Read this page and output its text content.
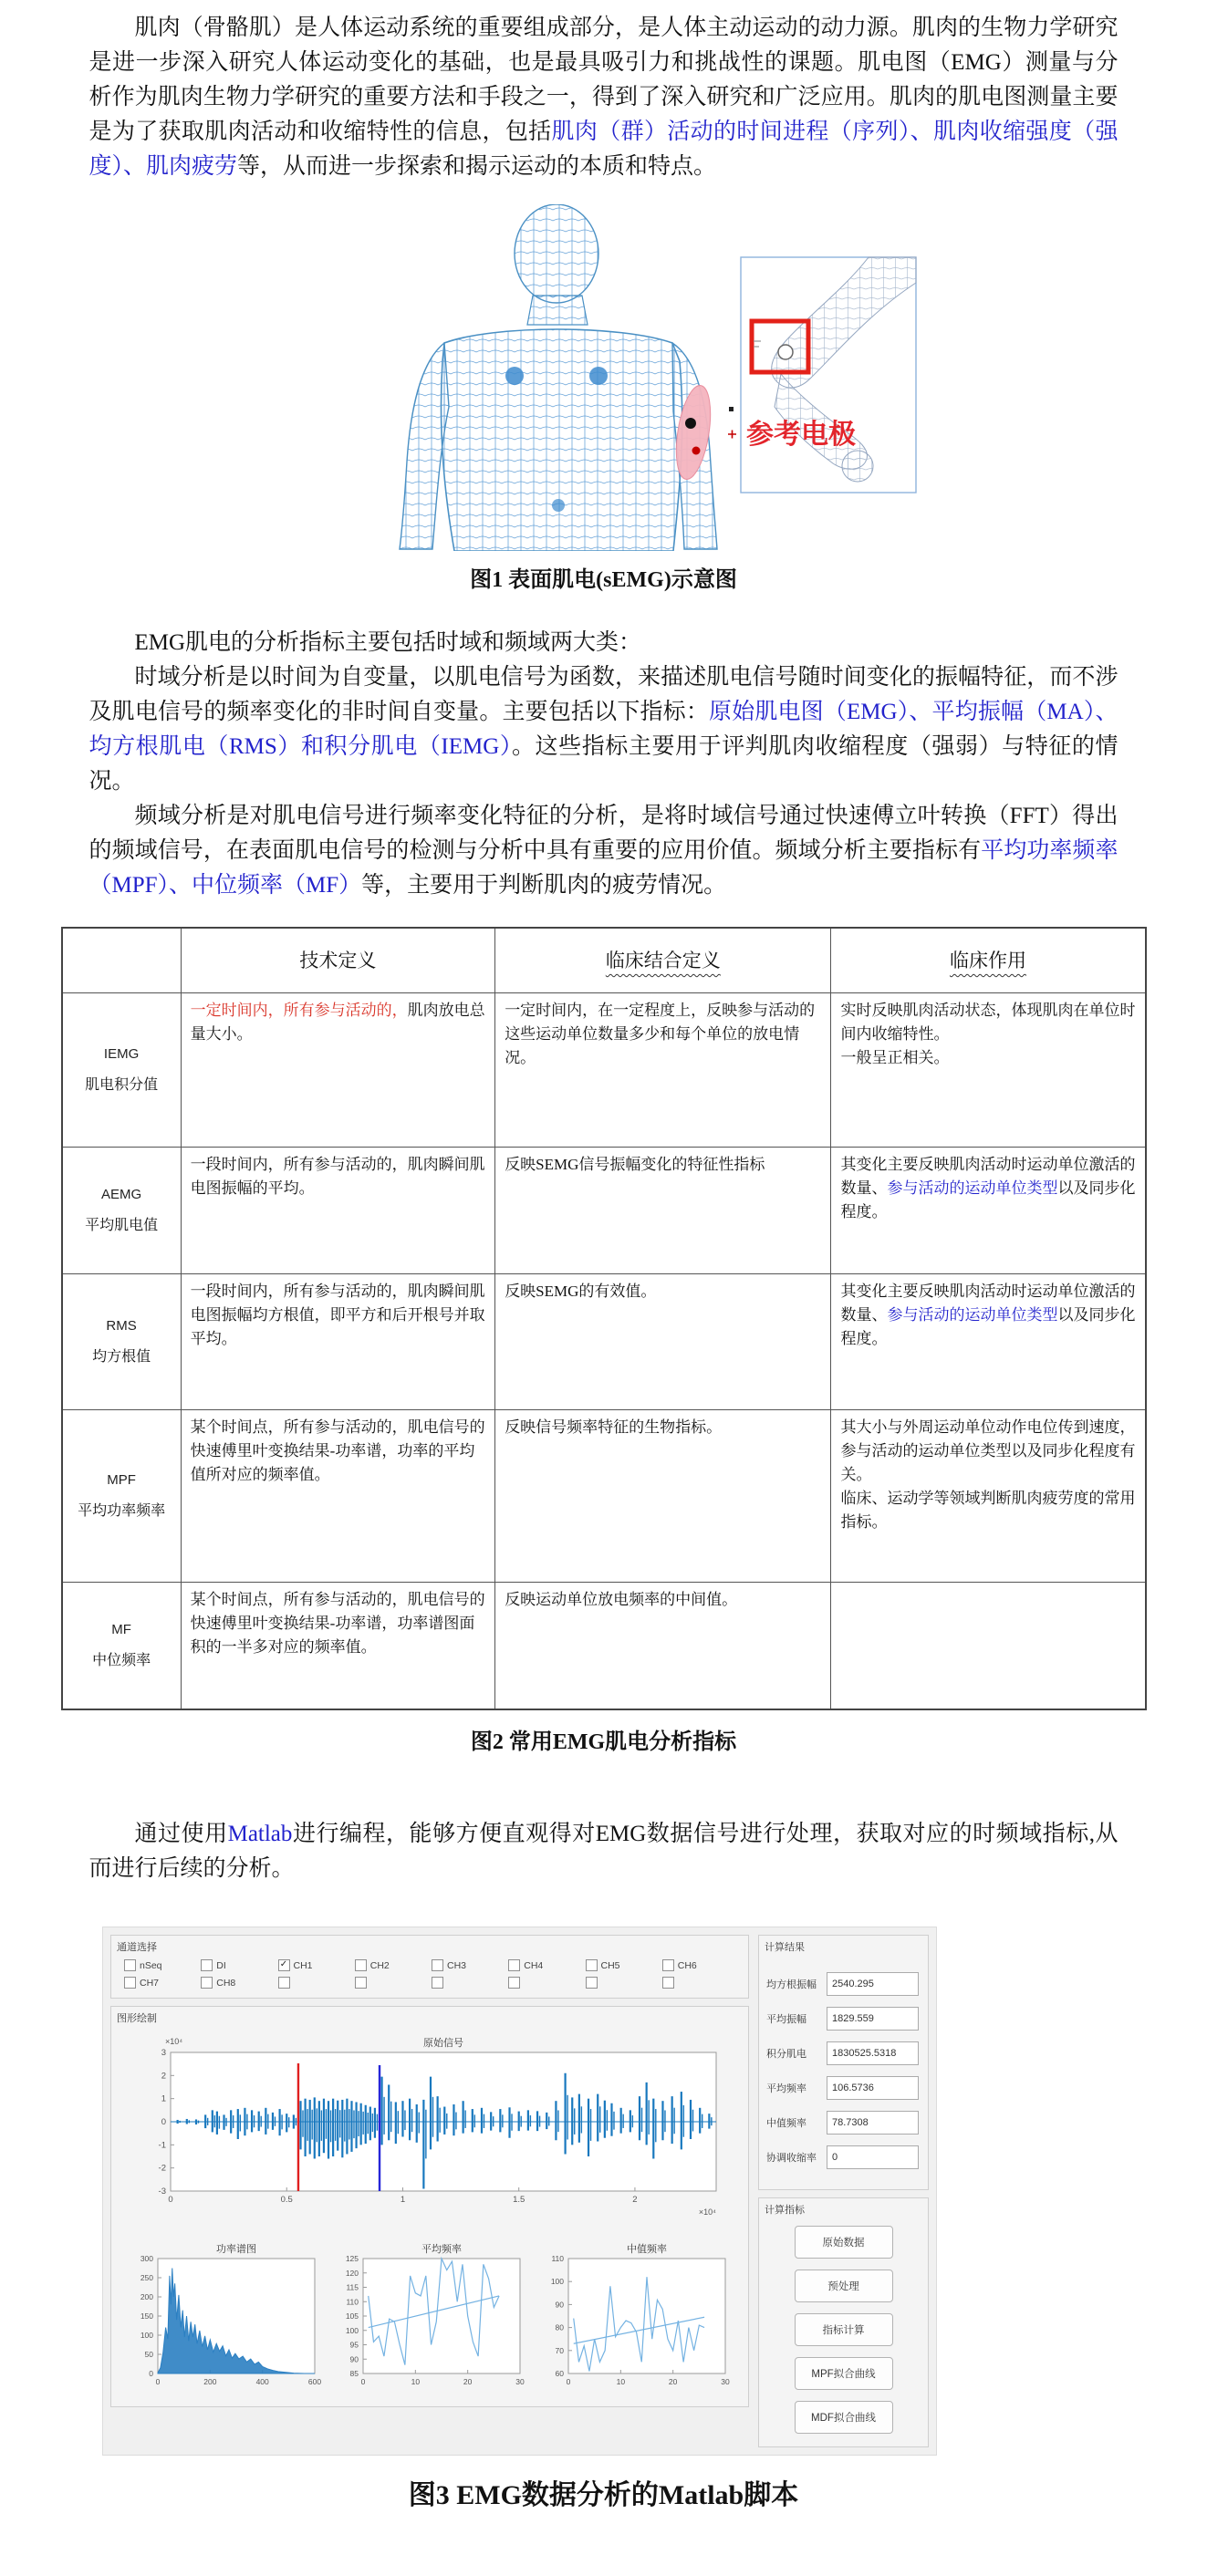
肌肉（骨骼肌）是人体运动系统的重要组成部分，是人体主动运动的动力源。肌肉的生物力学研究是进一步深入研究人体运动变化的基础，也是最具吸引力和挑战性的课题。肌电图（EMG）测量与分析作为肌肉生物力学研究的重要方法和手段之一，得到了深入研究和广泛应用。肌肉的肌电图测量主要是为了获取肌肉活动和收缩特性的信息，包括肌肉（群）活动的时间进程（序列）、肌肉收缩强度（强度）、肌肉疲劳等，从而进一步探索和揭示运动的本质和特点。

参考电极
图1 表面肌电(sEMG)示意图

EMG肌电的分析指标主要包括时域和频域两大类：

时域分析是以时间为自变量，以肌电信号为函数，来描述肌电信号随时间变化的振幅特征，而不涉及肌电信号的频率变化的非时间自变量。主要包括以下指标：原始肌电图（EMG）、平均振幅（MA）、均方根肌电（RMS）和积分肌电（IEMG）。这些指标主要用于评判肌肉收缩程度（强弱）与特征的情况。

频域分析是对肌电信号进行频率变化特征的分析，是将时域信号通过快速傅立叶转换（FFT）得出的频域信号，在表面肌电信号的检测与分析中具有重要的应用价值。频域分析主要指标有平均功率频率（MPF）、中位频率（MF）等，主要用于判断肌肉的疲劳情况。

	技术定义	临床结合定义	临床作用

IEMG
肌电积分值
	一定时间内，所有参与活动的，肌肉放电总量大小。	一定时间内，在一定程度上，反映参与活动的这些运动单位数量多少和每个单位的放电情况。	实时反映肌肉活动状态，体现肌肉在单位时间内收缩特性。
一般呈正相关。

AEMG
平均肌电值	一段时间内，所有参与活动的，肌肉瞬间肌电图振幅的平均。	反映SEMG信号振幅变化的特征性指标	其变化主要反映肌肉活动时运动单位激活的数量、参与活动的运动单位类型以及同步化程度。

RMS
均方根值	一段时间内，所有参与活动的，肌肉瞬间肌电图振幅均方根值，即平方和后开根号并取平均。	反映SEMG的有效值。	其变化主要反映肌肉活动时运动单位激活的数量、参与活动的运动单位类型以及同步化程度。

MPF
平均功率频率
	某个时间点，所有参与活动的，肌电信号的快速傅里叶变换结果-功率谱，功率的平均值所对应的频率值。	反映信号频率特征的生物指标。	其大小与外周运动单位动作电位传到速度，参与活动的运动单位类型以及同步化程度有关。
临床、运动学等领域判断肌肉疲劳度的常用指标。

MF
中位频率	某个时间点，所有参与活动的，肌电信号的快速傅里叶变换结果-功率谱，功率谱图面积的一半多对应的频率值。	反映运动单位放电频率的中间值。	
图2 常用EMG肌电分析指标

通过使用Matlab进行编程，能够方便直观得对EMG数据信号进行处理，获取对应的时频域指标,从而进行后续的分析。

通道选择
nSeq	DI	✓ CH1	CH2	CH3	CH4	CH5	CH6
CH7	CH8
图形绘制
0	0.5	1	1.5	2
-3
-2
-1
0
1
2
3
原始信号
×10⁴
×10⁴
0	200	400	600
0
50
100
150
200
250
300
功率谱图
0	10	20	30
85
90
95
100
105
110
115
120
125
平均频率
0	10	20	30
60
70
80
90
100
110
中值频率
计算结果
均方根振幅	2540.295
平均振幅	1829.559
积分肌电	1830525.5318
平均频率	106.5736
中值频率	78.7308
协调收缩率	0
计算指标
原始数据
预处理
指标计算
MPF拟合曲线
MDF拟合曲线
图3 EMG数据分析的Matlab脚本
